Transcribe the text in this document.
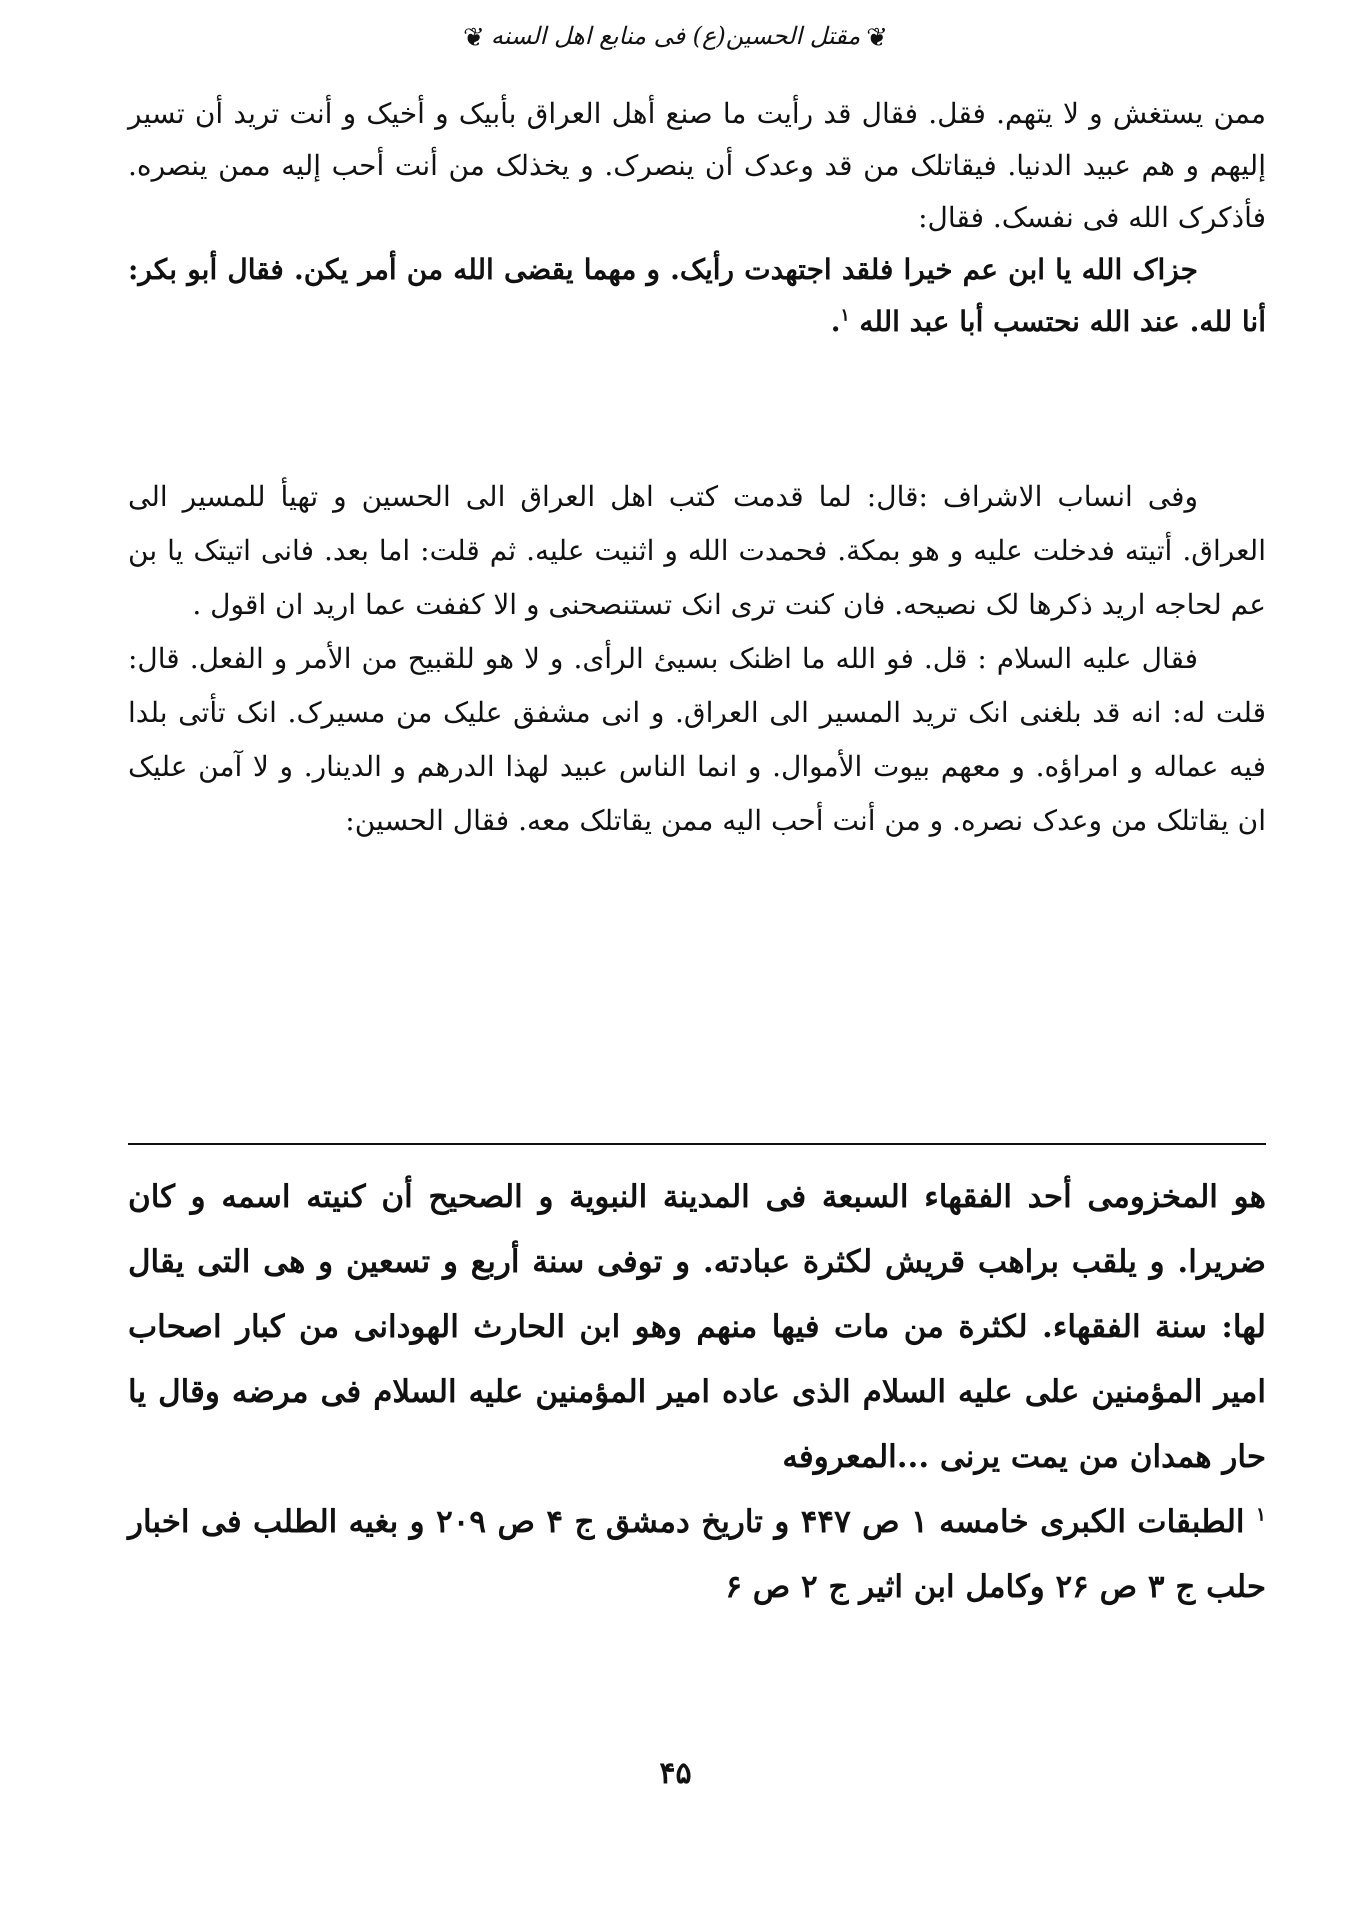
❦مقتل الحسين(ع) فی منابع اهل السنه❦

ممن يستغش و لا يتهم. فقل. فقال قد رأيت ما صنع أهل العراق بأبيک و أخيک و أنت تريد أن تسير إليهم و هم عبيد الدنيا. فيقاتلک من قد وعدک أن ينصرک. و يخذلک من أنت أحب إليه ممن ينصره. فأذکرک الله فی نفسک. فقال:

جزاک الله يا ابن عم خيرا فلقد اجتهدت رأيک. و مهما يقضی الله من أمر يکن. فقال أبو بکر: أنا لله. عند الله نحتسب أبا عبد الله $^١$.

وفی انساب الاشراف :قال: لما قدمت کتب اهل العراق الی الحسين و تهيأ للمسير الی العراق. أتيته فدخلت عليه و هو بمکة. فحمدت الله و اثنيت عليه. ثم قلت: اما بعد. فانی اتيتک يا بن عم لحاجه اريد ذکرها لک نصيحه. فان کنت تری انک تستنصحنی و الا کففت عما اريد ان اقول .

فقال عليه السلام : قل. فو الله ما اظنک بسيئ الرأی. و لا هو للقبيح من الأمر و الفعل. قال: قلت له: انه قد بلغنی انک تريد المسير الی العراق. و انی مشفق عليک من مسيرک. انک تأتی بلدا فيه عماله و امراؤه. و معهم بيوت الأموال. و انما الناس عبيد لهذا الدرهم و الدينار. و لا آمن عليک ان يقاتلک من وعدک نصره. و من أنت أحب اليه ممن يقاتلک معه. فقال الحسين:

هو المخزومی أحد الفقهاء السبعة فی المدينة النبوية و الصحيح أن کنيته اسمه و کان ضريرا. و يلقب براهب قريش لکثرة عبادته. و توفی سنة أربع و تسعين و هی التی يقال لها: سنة الفقهاء. لکثرة من مات فيها منهم وهو ابن الحارث الهودانی من کبار اصحاب امير المؤمنين علی عليه السلام الذی عاده امير المؤمنين عليه السلام فی مرضه وقال يا حار همدان من يمت يرنی ...المعروفه

$^١$ الطبقات الکبری خامسه ١ ص ۴۴٧ و تاريخ دمشق ج ۴ ص ٢٠٩ و بغيه الطلب فی اخبار حلب ج ٣ ص ٢۶ وکامل ابن اثير ج ٢ ص ۶

۴۵
